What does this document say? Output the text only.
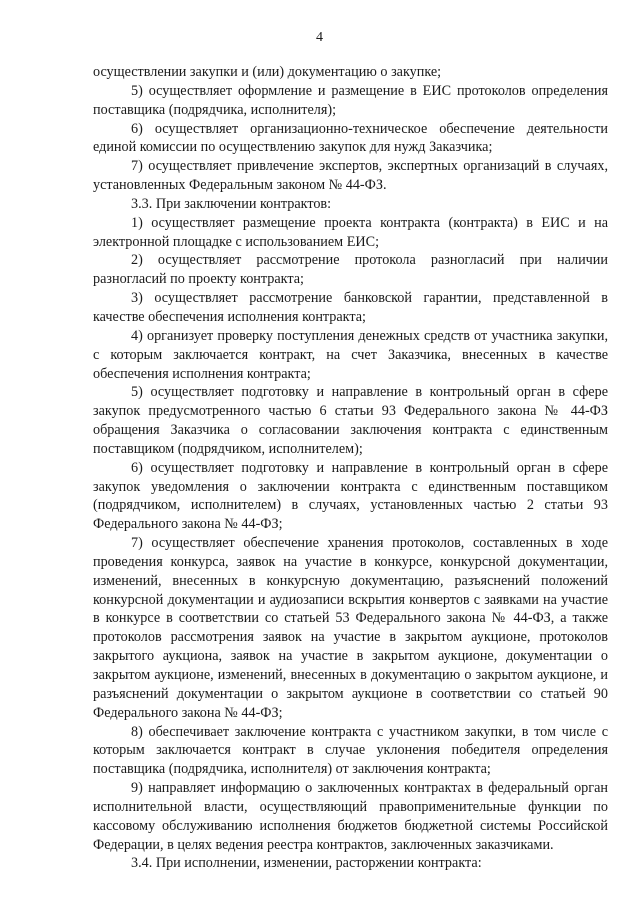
4

осуществлении закупки и (или) документацию о закупке;

5) осуществляет оформление и размещение в ЕИС протоколов определения поставщика (подрядчика, исполнителя);

6) осуществляет организационно-техническое обеспечение деятельности единой комиссии по осуществлению закупок для нужд Заказчика;

7) осуществляет привлечение экспертов, экспертных организаций в случаях, установленных Федеральным законом № 44-ФЗ.

3.3. При заключении контрактов:

1) осуществляет размещение проекта контракта (контракта) в ЕИС и на электронной площадке с использованием ЕИС;

2) осуществляет рассмотрение протокола разногласий при наличии разногласий по проекту контракта;

3) осуществляет рассмотрение банковской гарантии, представленной в качестве обеспечения исполнения контракта;

4) организует проверку поступления денежных средств от участника закупки, с которым заключается контракт, на счет Заказчика, внесенных в качестве обеспечения исполнения контракта;

5) осуществляет подготовку и направление в контрольный орган в сфере закупок предусмотренного частью 6 статьи 93 Федерального закона № 44-ФЗ обращения Заказчика о согласовании заключения контракта с единственным поставщиком (подрядчиком, исполнителем);

6) осуществляет подготовку и направление в контрольный орган в сфере закупок уведомления о заключении контракта с единственным поставщиком (подрядчиком, исполнителем) в случаях, установленных частью 2 статьи 93 Федерального закона № 44-ФЗ;

7) осуществляет обеспечение хранения протоколов, составленных в ходе проведения конкурса, заявок на участие в конкурсе, конкурсной документации, изменений, внесенных в конкурсную документацию, разъяснений положений конкурсной документации и аудиозаписи вскрытия конвертов с заявками на участие в конкурсе в соответствии со статьей 53 Федерального закона № 44-ФЗ, а также протоколов рассмотрения заявок на участие в закрытом аукционе, протоколов закрытого аукциона, заявок на участие в закрытом аукционе, документации о закрытом аукционе, изменений, внесенных в документацию о закрытом аукционе, и разъяснений документации о закрытом аукционе в соответствии со статьей 90 Федерального закона № 44-ФЗ;

8) обеспечивает заключение контракта с участником закупки, в том числе с которым заключается контракт в случае уклонения победителя определения поставщика (подрядчика, исполнителя) от заключения контракта;

9) направляет информацию о заключенных контрактах в федеральный орган исполнительной власти, осуществляющий правоприменительные функции по кассовому обслуживанию исполнения бюджетов бюджетной системы Российской Федерации, в целях ведения реестра контрактов, заключенных заказчиками.

3.4. При исполнении, изменении, расторжении контракта:
